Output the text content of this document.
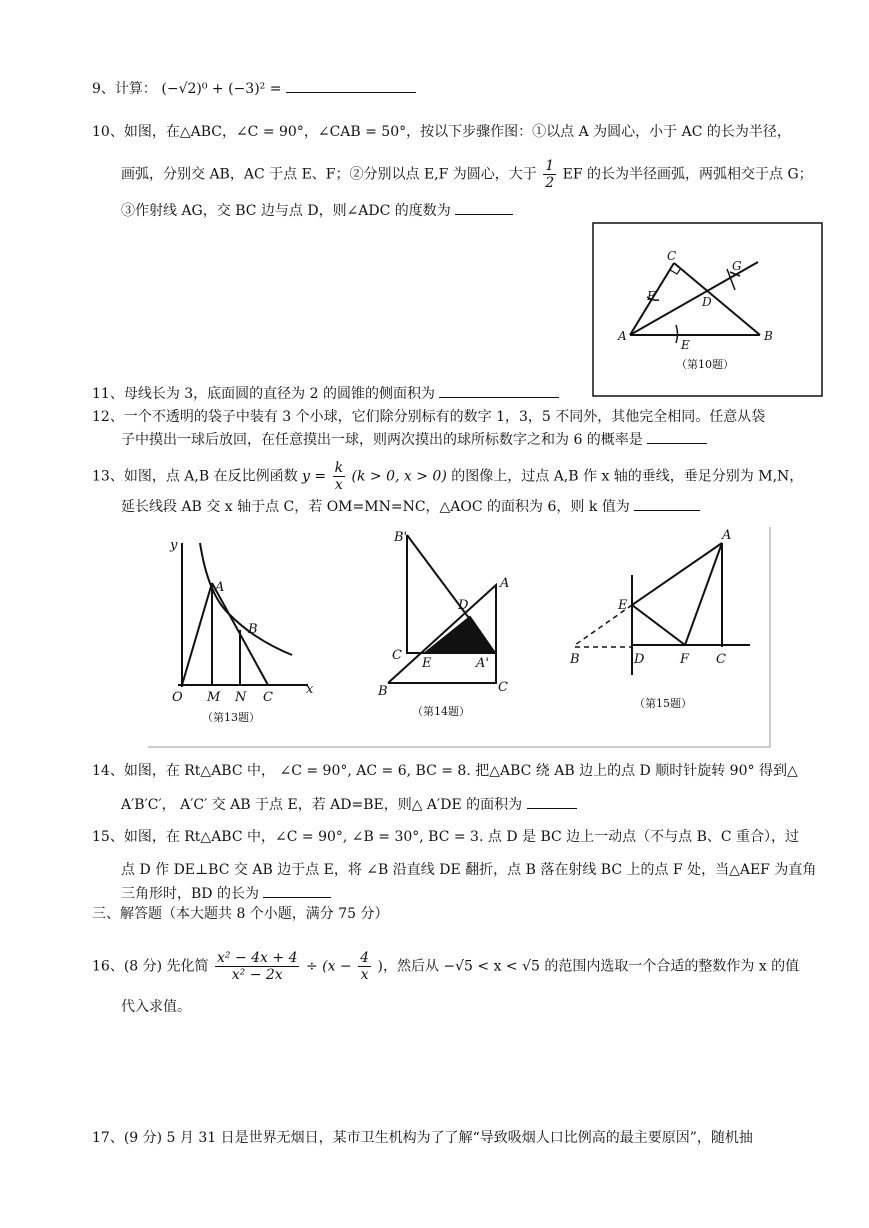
9、计算： (−√2)⁰ + (−3)² =
10、如图，在△ABC，∠C = 90°，∠CAB = 50°，按以下步骤作图：①以点 A 为圆心，小于 AC 的长为半径，
画弧，分别交 AB，AC 于点 E、F；②分别以点 E,F 为圆心，大于 $\frac{1}{2}$ EF 的长为半径画弧，两弧相交于点 G；
③作射线 AG，交 BC 边与点 D，则∠ADC 的度数为
C
G
F	D
A
E
B
（第10题）
11、母线长为 3，底面圆的直径为 2 的圆锥的侧面积为
12、一个不透明的袋子中装有 3 个小球，它们除分别标有的数字 1，3，5 不同外，其他完全相同。任意从袋
子中摸出一球后放回，在任意摸出一球，则两次摸出的球所标数字之和为 6 的概率是
13、如图，点 A,B 在反比例函数 $y = \frac{k}{x} (k > 0$, x > 0) 的图像上，过点 A,B 作 x 轴的垂线，垂足分别为 M,N，
延长线段 AB 交 x 轴于点 C，若 OM=MN=NC，△AOC 的面积为 6，则 k 值为
y
A
B
O M N C
x
（第13题）
B'
A
D
C
E	A'
B	C
（第14题）
A
E
B	D	F C
（第15题）
14、如图，在 Rt△ABC 中， ∠C = 90°, AC = 6, BC = 8. 把△ABC 绕 AB 边上的点 D 顺时针旋转 90° 得到△
A′B′C′， A′C′ 交 AB 于点 E，若 AD=BE，则△ A′DE 的面积为
15、如图，在 Rt△ABC 中，∠C = 90°, ∠B = 30°, BC = 3. 点 D 是 BC 边上一动点（不与点 B、C 重合），过
点 D 作 DE⊥BC 交 AB 边于点 E，将 ∠B 沿直线 DE 翻折，点 B 落在射线 BC 上的点 F 处，当△AEF 为直角
三角形时，BD 的长为
三、解答题（本大题共 8 个小题，满分 75 分）
16、(8 分) 先化简 $\frac{\text{x² − 4x + 4}}{\text{x² − 2x}} \div (x - \frac{4}{x}$ )，然后从 −√5 < x < √5 的范围内选取一个合适的整数作为 x 的值
代入求值。
17、(9 分) 5 月 31 日是世界无烟日，某市卫生机构为了了解“导致吸烟人口比例高的最主要原因”，随机抽
